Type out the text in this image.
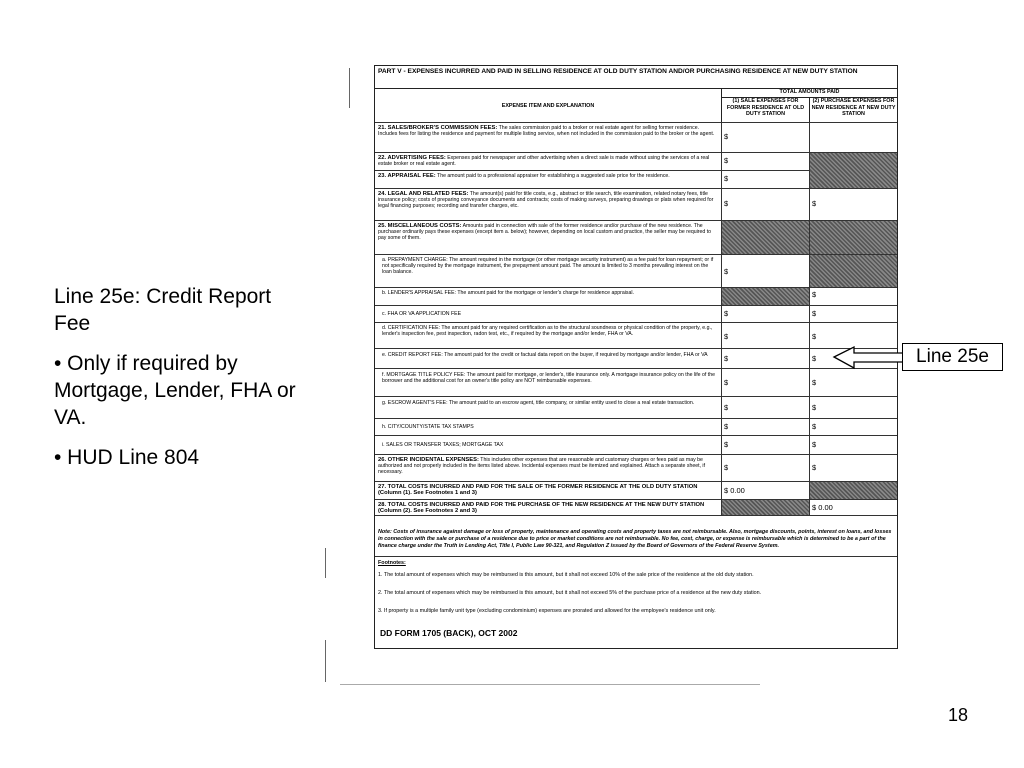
Line 25e: Credit Report Fee

• Only if required by Mortgage, Lender, FHA or VA.

• HUD Line 804

PART V - EXPENSES INCURRED AND PAID IN SELLING RESIDENCE AT OLD DUTY STATION AND/OR PURCHASING RESIDENCE AT NEW DUTY STATION
EXPENSE ITEM AND EXPLANATION
TOTAL AMOUNTS PAID
(1) SALE EXPENSES FOR FORMER RESIDENCE AT OLD DUTY STATION
(2) PURCHASE EXPENSES FOR NEW RESIDENCE AT NEW DUTY STATION
21. SALES/BROKER'S COMMISSION FEES: The sales commission paid to a broker or real estate agent for selling former residence. Includes fees for listing the residence and payment for multiple listing service, when not included in the commission paid to the broker or the agent.
22. ADVERTISING FEES: Expenses paid for newspaper and other advertising when a direct sale is made without using the services of a real estate broker or real estate agent.
23. APPRAISAL FEE: The amount paid to a professional appraiser for establishing a suggested sale price for the residence.
24. LEGAL AND RELATED FEES: The amount(s) paid for title costs, e.g., abstract or title search, title examination, related notary fees, title insurance policy; costs of preparing conveyance documents and contracts; costs of making surveys, preparing drawings or plats when required for legal financing purposes; recording and transfer charges, etc.
25. MISCELLANEOUS COSTS: Amounts paid in connection with sale of the former residence and/or purchase of the new residence. The purchaser ordinarily pays these expenses (except item a. below); however, depending on local custom and practice, the seller may be required to pay some of them.
a. PREPAYMENT CHARGE: The amount required in the mortgage (or other mortgage security instrument) as a fee paid for loan repayment; or if not specifically required by the mortgage instrument, the prepayment amount paid. The amount is limited to 3 months prevailing interest on the loan balance.
b. LENDER'S APPRAISAL FEE: The amount paid for the mortgage or lender's charge for residence appraisal.
c. FHA OR VA APPLICATION FEE
d. CERTIFICATION FEE: The amount paid for any required certification as to the structural soundness or physical condition of the property, e.g., lender's inspection fee, pest inspection, radon test, etc., if required by the mortgage and/or lender, FHA or VA.
e. CREDIT REPORT FEE: The amount paid for the credit or factual data report on the buyer, if required by mortgage and/or lender, FHA or VA
f. MORTGAGE TITLE POLICY FEE: The amount paid for mortgage, or lender's, title insurance only. A mortgage insurance policy on the life of the borrower and the additional cost for an owner's title policy are NOT reimbursable expenses.
g. ESCROW AGENT'S FEE: The amount paid to an escrow agent, title company, or similar entity used to close a real estate transaction.
h. CITY/COUNTY/STATE TAX STAMPS
i. SALES OR TRANSFER TAXES; MORTGAGE TAX
26. OTHER INCIDENTAL EXPENSES: This includes other expenses that are reasonable and customary charges or fees paid as may be authorized and not properly included in the items listed above. Incidental expenses must be itemized and explained. Attach a separate sheet, if necessary.
27. TOTAL COSTS INCURRED AND PAID FOR THE SALE OF THE FORMER RESIDENCE AT THE OLD DUTY STATION (Column (1). See Footnotes 1 and 3)
28. TOTAL COSTS INCURRED AND PAID FOR THE PURCHASE OF THE NEW RESIDENCE AT THE NEW DUTY STATION (Column (2). See Footnotes 2 and 3)
$
$
$
$
$
$
$
$
$
$
$
$
$
$ 0.00
$
$
$
$
$
$
$
$
$
$
$ 0.00
Note: Costs of insurance against damage or loss of property, maintenance and operating costs and property taxes are not reimbursable. Also, mortgage discounts, points, interest on loans, and losses in connection with the sale or purchase of a residence due to price or market conditions are not reimbursable. No fee, cost, charge, or expense is reimbursable which is determined to be a part of the finance charge under the Truth in Lending Act, Title I, Public Law 90-321, and Regulation Z issued by the Board of Governors of the Federal Reserve System.
Footnotes:
1. The total amount of expenses which may be reimbursed is this amount, but it shall not exceed 10% of the sale price of the residence at the old duty station.
2. The total amount of expenses which may be reimbursed is this amount, but it shall not exceed 5% of the purchase price of a residence at the new duty station.
3. If property is a multiple family unit type (excluding condominium) expenses are prorated and allowed for the employee's residence unit only.
DD FORM 1705 (BACK), OCT 2002
Line 25e
18
